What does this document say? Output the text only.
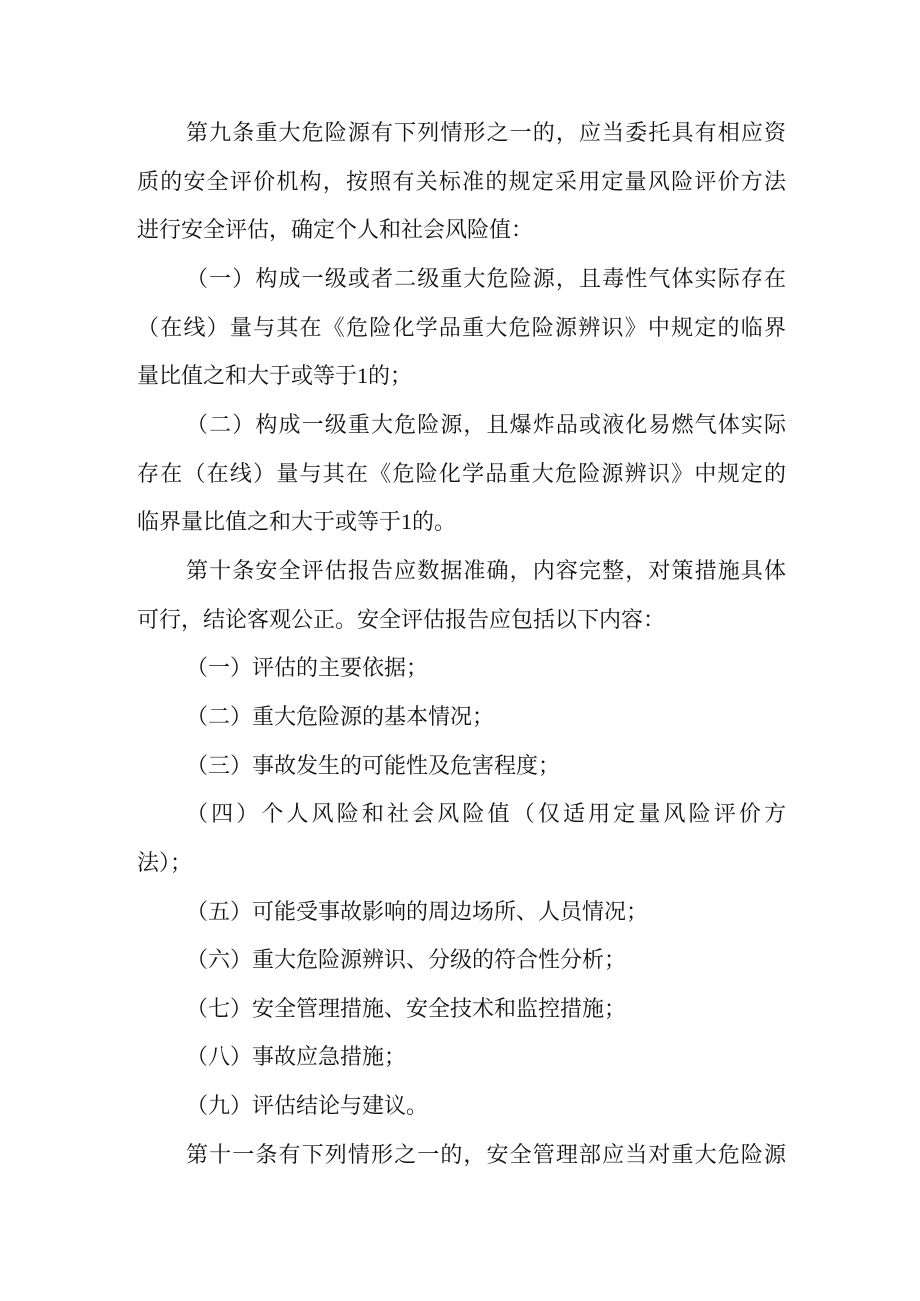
第九条重大危险源有下列情形之一的，应当委托具有相应资
质的安全评价机构，按照有关标准的规定采用定量风险评价方法
进行安全评估，确定个人和社会风险值：
（一）构成一级或者二级重大危险源，且毒性气体实际存在
（在线）量与其在《危险化学品重大危险源辨识》中规定的临界
量比值之和大于或等于1的；
（二）构成一级重大危险源，且爆炸品或液化易燃气体实际
存在（在线）量与其在《危险化学品重大危险源辨识》中规定的
临界量比值之和大于或等于1的。
第十条安全评估报告应数据准确，内容完整，对策措施具体
可行，结论客观公正。安全评估报告应包括以下内容：
（一）评估的主要依据；
（二）重大危险源的基本情况；
（三）事故发生的可能性及危害程度；
（四）个人风险和社会风险值（仅适用定量风险评价方
法）；
（五）可能受事故影响的周边场所、人员情况；
（六）重大危险源辨识、分级的符合性分析；
（七）安全管理措施、安全技术和监控措施；
（八）事故应急措施；
（九）评估结论与建议。
第十一条有下列情形之一的，安全管理部应当对重大危险源
